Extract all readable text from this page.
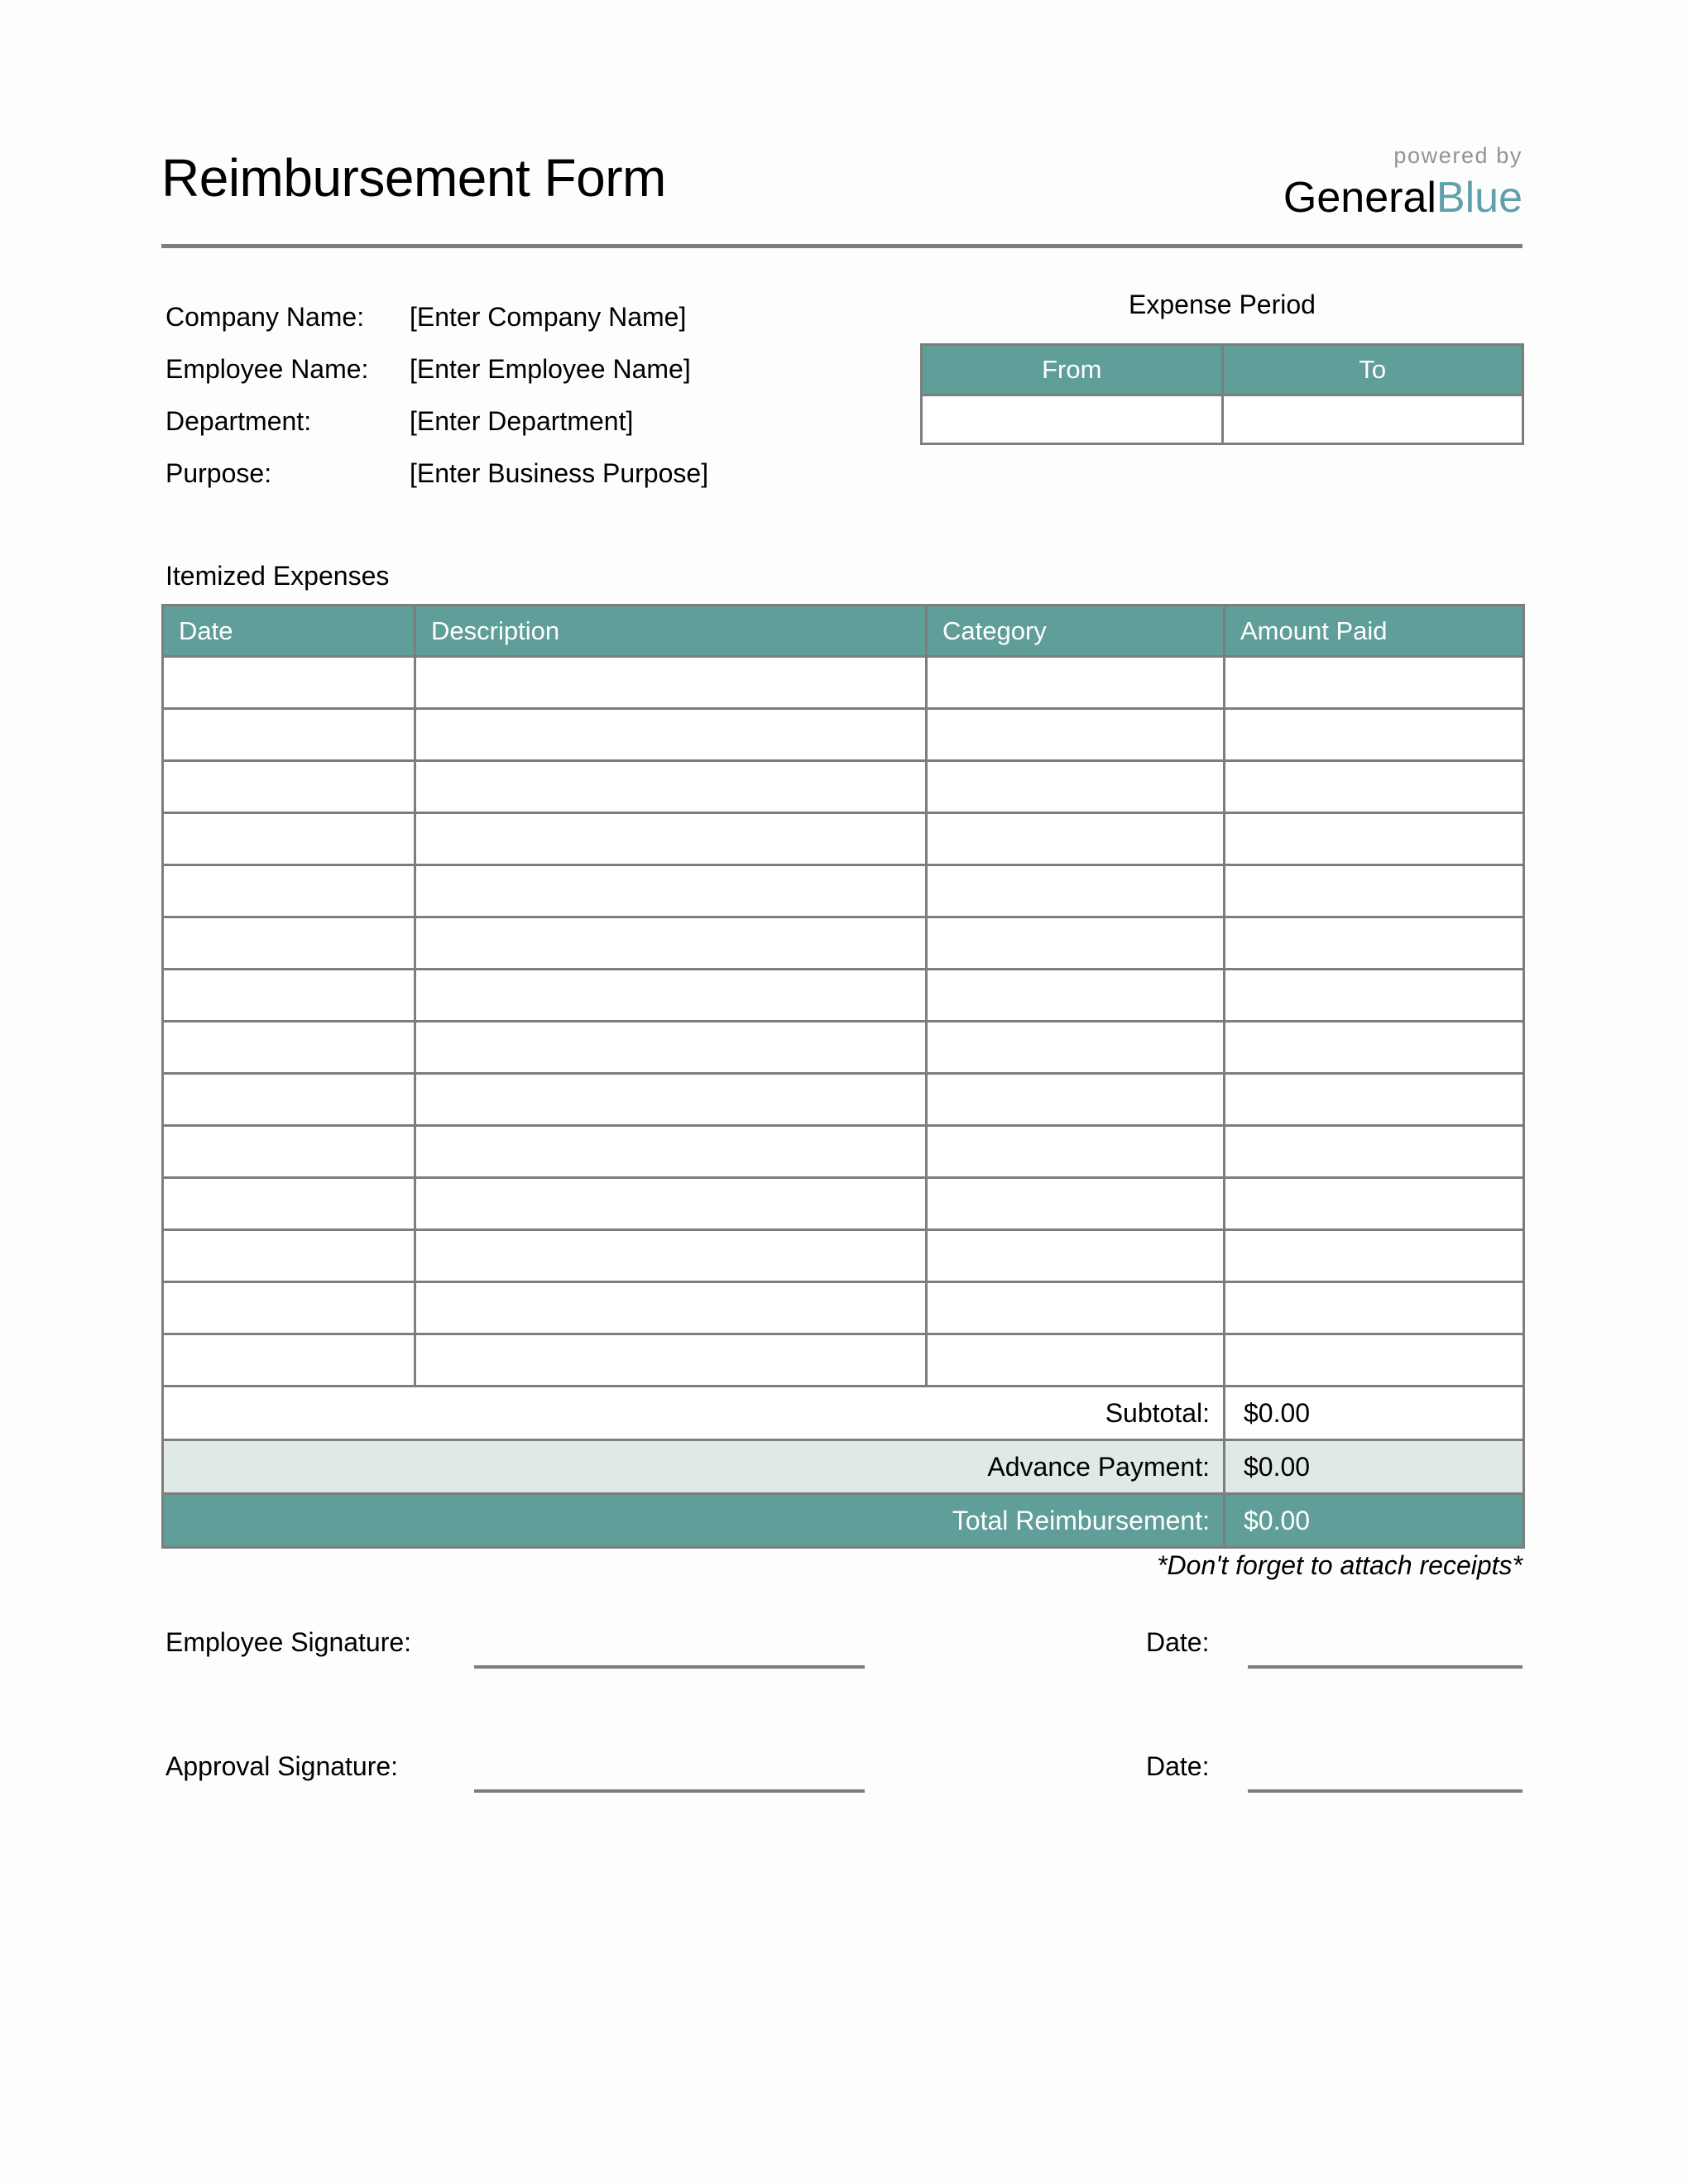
Reimbursement Form	powered by
GeneralBlue
Company Name: [Enter Company Name]
Employee Name: [Enter Employee Name]
Department:	[Enter Department]
Purpose:	[Enter Business Purpose]
Expense Period
From	To

Itemized Expenses
Date	Description	Category	Amount Paid

Subtotal:			$0.00
Advance Payment:			$0.00
Total Reimbursement:			$0.00
*Don't forget to attach receipts*
Employee Signature:	Date:
Approval Signature:	Date:
